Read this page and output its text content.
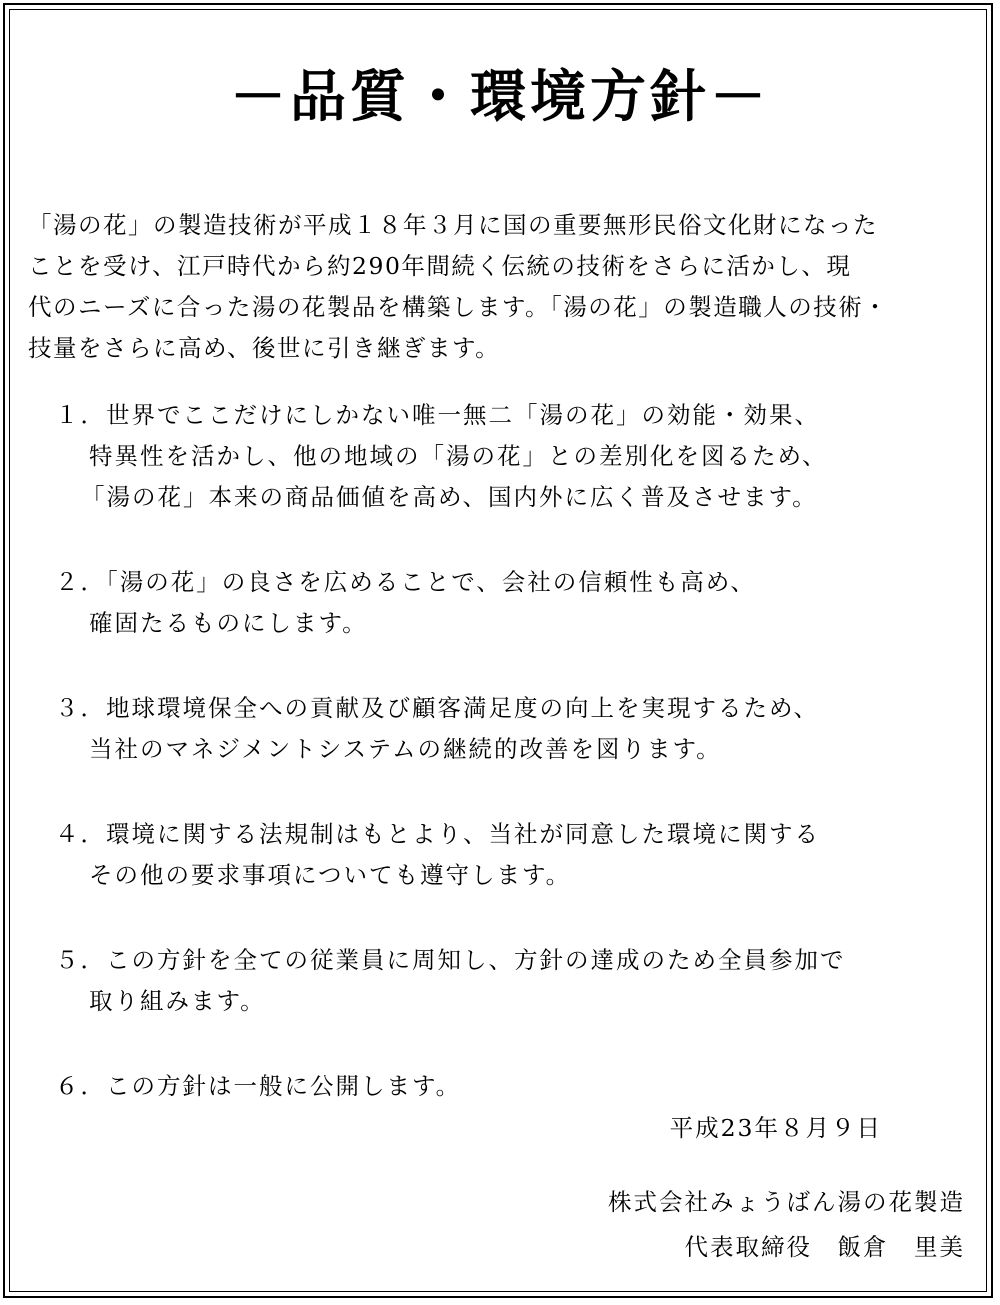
－品質・環境方針－
「湯の花」の製造技術が平成１８年３月に国の重要無形民俗文化財になった
ことを受け、江戸時代から約290年間続く伝統の技術をさらに活かし、現
代のニーズに合った湯の花製品を構築します。「湯の花」の製造職人の技術・
技量をさらに高め、後世に引き継ぎます。
１．世界でここだけにしかない唯一無二「湯の花」の効能・効果、
特異性を活かし、他の地域の「湯の花」との差別化を図るため、
「湯の花」本来の商品価値を高め、国内外に広く普及させます。
２．「湯の花」の良さを広めることで、会社の信頼性も高め、
確固たるものにします。
３．地球環境保全への貢献及び顧客満足度の向上を実現するため、
当社のマネジメントシステムの継続的改善を図ります。
４．環境に関する法規制はもとより、当社が同意した環境に関する
その他の要求事項についても遵守します。
５．この方針を全ての従業員に周知し、方針の達成のため全員参加で
取り組みます。
６．この方針は一般に公開します。
平成23年８月９日
株式会社みょうばん湯の花製造
代表取締役　飯倉　里美
